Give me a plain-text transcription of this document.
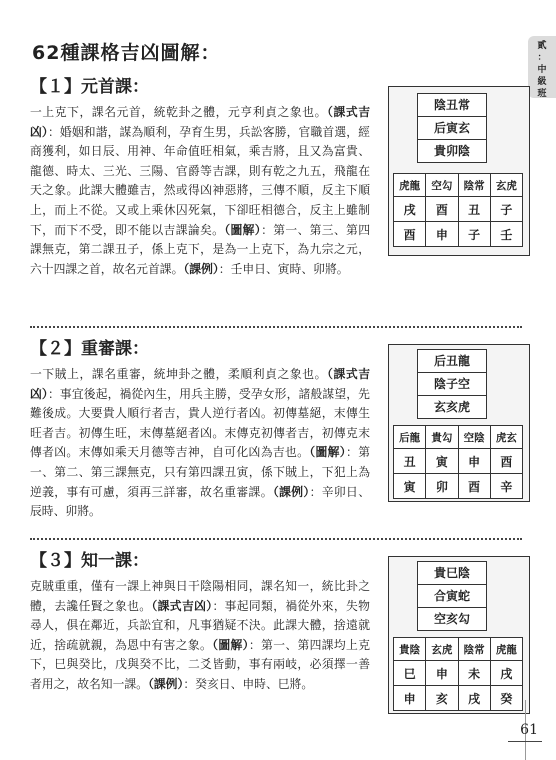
62種課格吉凶圖解：	貳
：
中
級
班
【１】元首課：
一上克下，課名元首，統乾卦之體，元亨利貞之象也。（課式吉凶）：婚姻和諧，謀為順利，孕育生男，兵訟客勝，官職首選，經商獲利，如日辰、用神、年命值旺相氣，乘吉將，且又為富貴、龍德、時太、三光、三陽、官爵等吉課，則有乾之九五，飛龍在天之象。此課大體雖吉，然或得凶神惡將，三傳不順，反主下順上，而上不從。又或上乘休囚死氣，下卻旺相德合，反主上雖制下，而下不受，即不能以吉課論矣。（圖解）：第一、第三、第四課無克，第二課丑子，係上克下，是為一上克下，為九宗之元，六十四課之首，故名元首課。（課例）：壬申日、寅時、卯將。
陰丑常
后寅玄
貴卯陰
虎龍	空勾	陰常	玄虎
戌	酉	丑	子
酉	申	子	壬
【２】重審課：
一下賊上，課名重審，統坤卦之體，柔順利貞之象也。（課式吉凶）：事宜後起，禍從內生，用兵主勝，受孕女形，諸般謀望，先難後成。大要貴人順行者吉，貴人逆行者凶。初傳墓絕，末傳生旺者吉。初傳生旺，末傳墓絕者凶。末傳克初傳者吉，初傳克末傳者凶。末傳如乘天月德等吉神，自可化凶為吉也。（圖解）：第一、第二、第三課無克，只有第四課丑寅，係下賊上，下犯上為逆義，事有可慮，須再三詳審，故名重審課。（課例）：辛卯日、辰時、卯將。
后丑龍
陰子空
玄亥虎
后龍	貴勾	空陰	虎玄
丑	寅	申	酉
寅	卯	酉	辛
【３】知一課：
克賊重重，僅有一課上神與日干陰陽相同，課名知一，統比卦之體，去讒任賢之象也。（課式吉凶）：事起同類，禍從外來，失物尋人，俱在鄰近，兵訟宜和，凡事猶疑不決。此課大體，捨遠就近，捨疏就親，為恩中有害之象。（圖解）：第一、第四課均上克下，巳與癸比，戊與癸不比，二爻皆動，事有兩岐，必須擇一善者用之，故名知一課。（課例）：癸亥日、申時、巳將。
貴巳陰
合寅蛇
空亥勾
貴陰	玄虎	陰常	虎龍
巳	申	未	戌
申	亥	戌	癸
61
